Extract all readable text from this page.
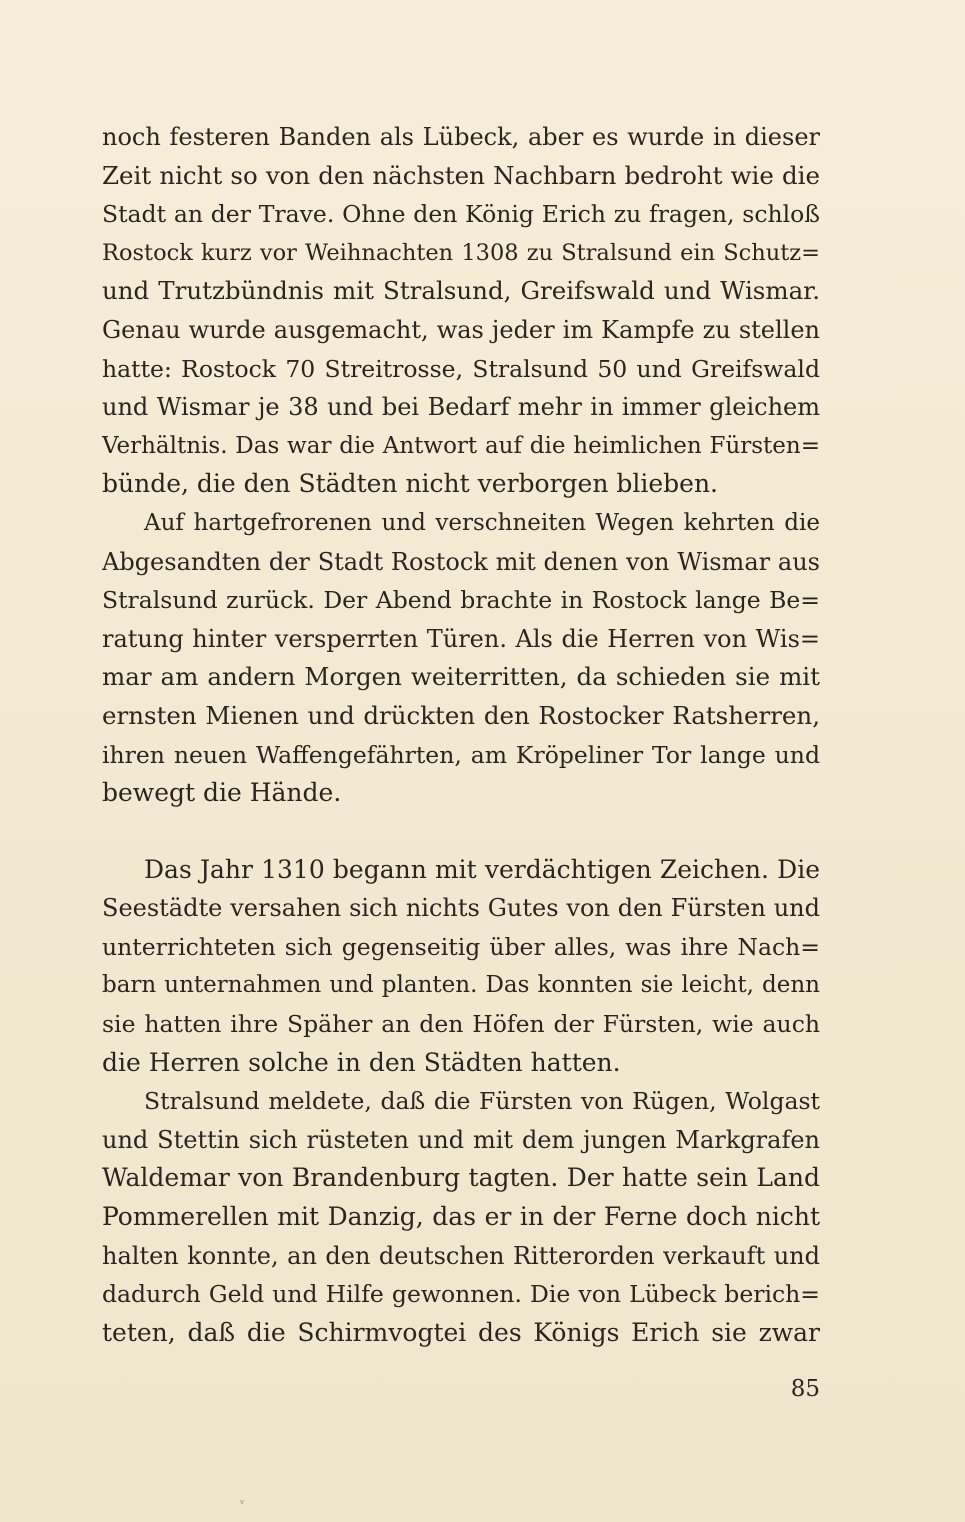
noch festeren Banden als Lübeck, aber es wurde in dieser
Zeit nicht so von den nächsten Nachbarn bedroht wie die
Stadt an der Trave. Ohne den König Erich zu fragen, schloß
Rostock kurz vor Weihnachten 1308 zu Stralsund ein Schutz=
und Trutzbündnis mit Stralsund, Greifswald und Wismar.
Genau wurde ausgemacht, was jeder im Kampfe zu stellen
hatte: Rostock 70 Streitrosse, Stralsund 50 und Greifswald
und Wismar je 38 und bei Bedarf mehr in immer gleichem
Verhältnis. Das war die Antwort auf die heimlichen Fürsten=
bünde, die den Städten nicht verborgen blieben.
Auf hartgefrorenen und verschneiten Wegen kehrten die
Abgesandten der Stadt Rostock mit denen von Wismar aus
Stralsund zurück. Der Abend brachte in Rostock lange Be=
ratung hinter versperrten Türen. Als die Herren von Wis=
mar am andern Morgen weiterritten, da schieden sie mit
ernsten Mienen und drückten den Rostocker Ratsherren,
ihren neuen Waffengefährten, am Kröpeliner Tor lange und
bewegt die Hände.
Das Jahr 1310 begann mit verdächtigen Zeichen. Die
Seestädte versahen sich nichts Gutes von den Fürsten und
unterrichteten sich gegenseitig über alles, was ihre Nach=
barn unternahmen und planten. Das konnten sie leicht, denn
sie hatten ihre Späher an den Höfen der Fürsten, wie auch
die Herren solche in den Städten hatten.
Stralsund meldete, daß die Fürsten von Rügen, Wolgast
und Stettin sich rüsteten und mit dem jungen Markgrafen
Waldemar von Brandenburg tagten. Der hatte sein Land
Pommerellen mit Danzig, das er in der Ferne doch nicht
halten konnte, an den deutschen Ritterorden verkauft und
dadurch Geld und Hilfe gewonnen. Die von Lübeck berich=
teten, daß die Schirmvogtei des Königs Erich sie zwar
85
ᵛ
